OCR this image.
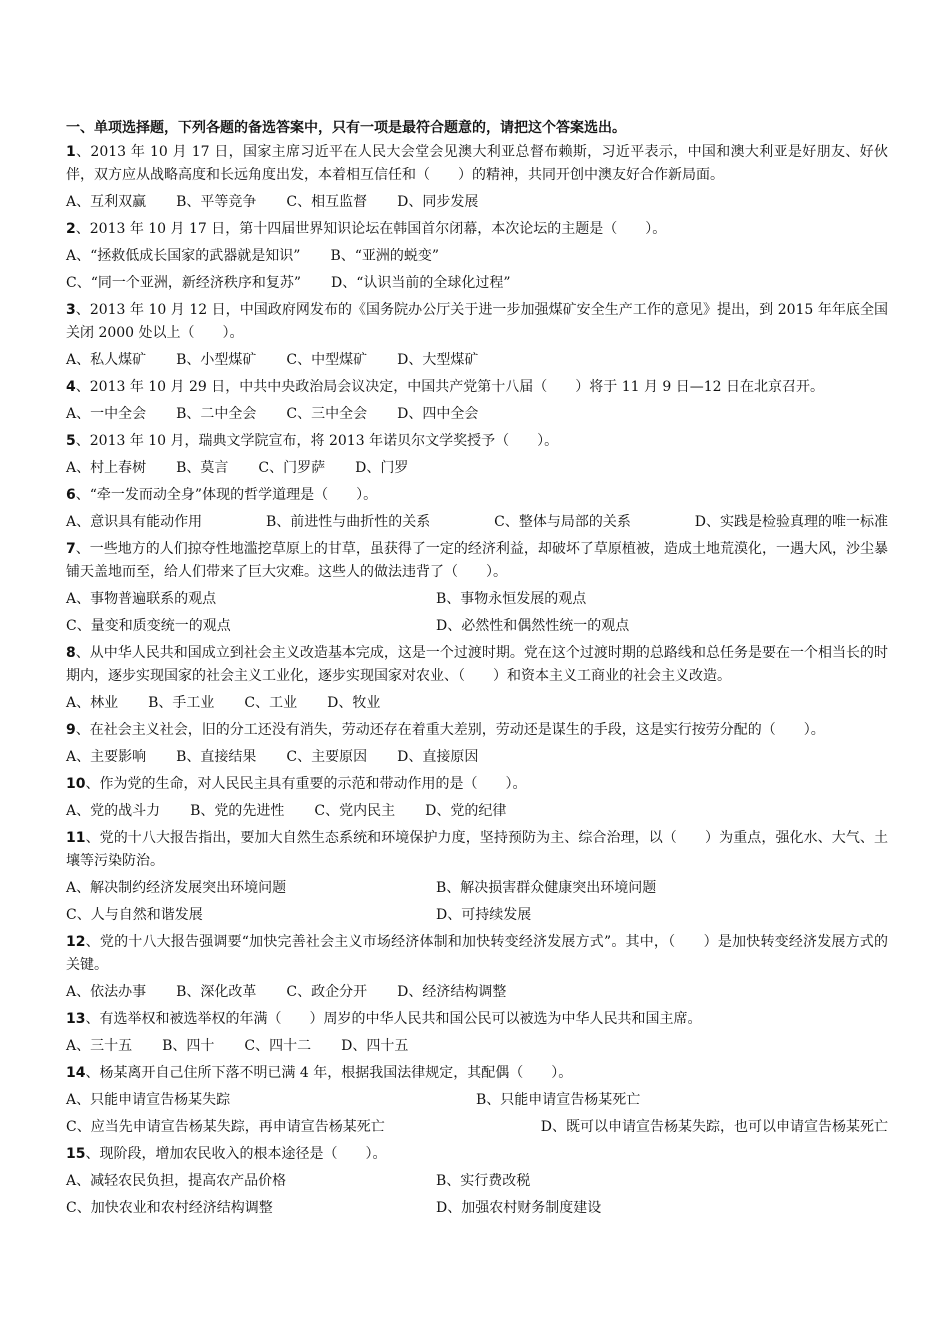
一、单项选择题，下列各题的备选答案中，只有一项是最符合题意的，请把这个答案选出。

1、2013 年 10 月 17 日，国家主席习近平在人民大会堂会见澳大利亚总督布赖斯，习近平表示，中国和澳大利亚是好朋友、好伙伴，双方应从战略高度和长远角度出发，本着相互信任和（　　）的精神，共同开创中澳友好合作新局面。

A、互利双赢 B、平等竞争 C、相互监督 D、同步发展

2、2013 年 10 月 17 日，第十四届世界知识论坛在韩国首尔闭幕，本次论坛的主题是（　　）。

A、“拯救低成长国家的武器就是知识” B、“亚洲的蜕变”
C、“同一个亚洲，新经济秩序和复苏” D、“认识当前的全球化过程”

3、2013 年 10 月 12 日，中国政府网发布的《国务院办公厅关于进一步加强煤矿安全生产工作的意见》提出，到 2015 年年底全国关闭 2000 处以上（　　）。

A、私人煤矿 B、小型煤矿 C、中型煤矿 D、大型煤矿

4、2013 年 10 月 29 日，中共中央政治局会议决定，中国共产党第十八届（　　）将于 11 月 9 日—12 日在北京召开。

A、一中全会 B、二中全会 C、三中全会 D、四中全会

5、2013 年 10 月，瑞典文学院宣布，将 2013 年诺贝尔文学奖授予（　　）。

A、村上春树 B、莫言 C、门罗萨 D、门罗

6、“牵一发而动全身”体现的哲学道理是（　　）。

A、意识具有能动作用	B、前进性与曲折性的关系	C、整体与局部的关系	D、实践是检验真理的唯一标准

7、一些地方的人们掠夺性地滥挖草原上的甘草，虽获得了一定的经济利益，却破坏了草原植被，造成土地荒漠化，一遇大风，沙尘暴铺天盖地而至，给人们带来了巨大灾难。这些人的做法违背了（　　）。

A、事物普遍联系的观点	B、事物永恒发展的观点
C、量变和质变统一的观点	D、必然性和偶然性统一的观点

8、从中华人民共和国成立到社会主义改造基本完成，这是一个过渡时期。党在这个过渡时期的总路线和总任务是要在一个相当长的时期内，逐步实现国家的社会主义工业化，逐步实现国家对农业、（　　）和资本主义工商业的社会主义改造。

A、林业 B、手工业 C、工业 D、牧业

9、在社会主义社会，旧的分工还没有消失，劳动还存在着重大差别，劳动还是谋生的手段，这是实行按劳分配的（　　）。

A、主要影响 B、直接结果 C、主要原因 D、直接原因

10、作为党的生命，对人民民主具有重要的示范和带动作用的是（　　）。

A、党的战斗力 B、党的先进性 C、党内民主 D、党的纪律

11、党的十八大报告指出，要加大自然生态系统和环境保护力度，坚持预防为主、综合治理，以（　　）为重点，强化水、大气、土壤等污染防治。

A、解决制约经济发展突出环境问题	B、解决损害群众健康突出环境问题
C、人与自然和谐发展	D、可持续发展

12、党的十八大报告强调要“加快完善社会主义市场经济体制和加快转变经济发展方式”。其中，（　　）是加快转变经济发展方式的关键。

A、依法办事 B、深化改革 C、政企分开 D、经济结构调整

13、有选举权和被选举权的年满（　　）周岁的中华人民共和国公民可以被选为中华人民共和国主席。

A、三十五 B、四十 C、四十二 D、四十五

14、杨某离开自己住所下落不明已满 4 年，根据我国法律规定，其配偶（　　）。

A、只能申请宣告杨某失踪	B、只能申请宣告杨某死亡
C、应当先申请宣告杨某失踪，再申请宣告杨某死亡	D、既可以申请宣告杨某失踪，也可以申请宣告杨某死亡

15、现阶段，增加农民收入的根本途径是（　　）。

A、减轻农民负担，提高农产品价格	B、实行费改税
C、加快农业和农村经济结构调整	D、加强农村财务制度建设
